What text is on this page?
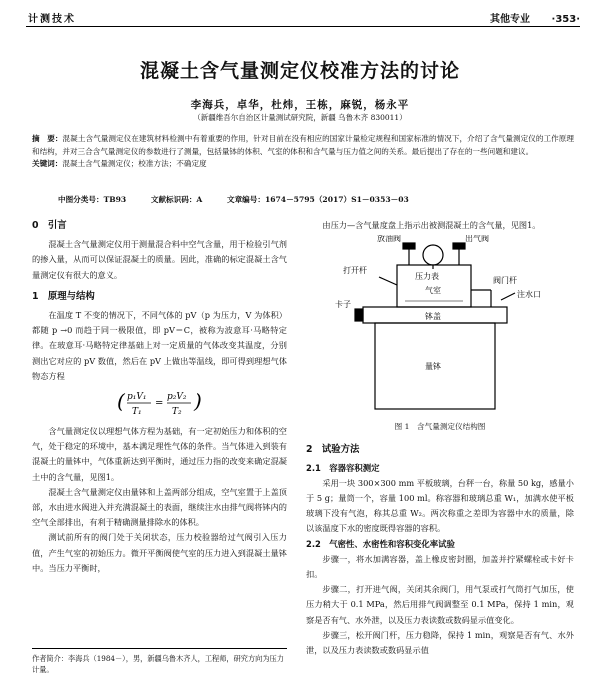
计测技术	其他专业 ·353·
混凝土含气量测定仪校准方法的讨论
李海兵，卓华，杜炜，王栋，麻锐，杨永平
（新疆维吾尔自治区计量测试研究院，新疆 乌鲁木齐 830011）
摘　要：混凝土含气量测定仪在建筑材料检测中有着重要的作用，针对目前在没有相应的国家计量检定规程和国家标准的情况下，介绍了含气量测定仪的工作原理和结构，并对三合含气量测定仪的参数进行了测量，包括量钵的体积、气室的体积和含气量与压力值之间的关系。最后提出了存在的一些问题和建议。
关键词：混凝土含气量测定仪；校准方法；不确定度
中图分类号：TB93	文献标识码：A	文章编号：1674－5795（2017）S1－0353－03
0　引言

混凝土含气量测定仪用于测量混合料中空气含量，用于检验引气剂的掺入量，从而可以保证混凝土的质量。因此，准确的标定混凝土含气量测定仪有很大的意义。

1　原理与结构

在温度 T 不变的情况下，不同气体的 pV（p 为压力，V 为体积）都随 p →0 而趋于同一极限值，即 pV＝C，被称为波意耳·马略特定律。在玻意耳·马略特定律基础上对一定质量的气体改变其温度，分别测出它对应的 pV 数值，然后在 pV 上做出等温线，即可得到理想气体物态方程

( p₁V₁
T₁
=
p₂V₂
T₂ )

含气量测定仪以理想气体方程为基础，有一定初始压力和体积的空气，处于稳定的环境中，基本满足理性气体的条件。当气体进入到装有混凝土的量钵中，气体重新达到平衡时，通过压力指的改变来确定混凝土中的含气量，见图1。

混凝土含气量测定仪由量钵和上盖两部分组成，空气室置于上盖顶部，水由进水阀进入并充满混凝土的表面，继续注水由排气阀将钵内的空气全部排出，有利于精确测量排除水的体积。

测试前所有的阀门处于关闭状态，压力校验器给过气阀引入压力值，产生气室的初始压力。微开平衡阀使气室的压力进入到混凝土量钵中。当压力平衡时，

作者简介：李海兵（1984－），男，新疆乌鲁木齐人，工程师，研究方向为压力计量。

由压力—含气量度盘上指示出被测混凝土的含气量，见图1。

放油阀
压力表
出气阀
打开杆
阀门杆
注水口
卡子
气室
钵盖
量钵
图 1　含气量测定仪结构图
2　试验方法
2.1　容器容积测定

采用一块 300×300 mm 平板玻璃，台秤一台，称量 50 kg，感量小于 5 g；量筒一个，容量 100 ml。称容器和玻璃总重 W₁，加满水使平板玻璃下没有气泡，称其总重 W₂。两次称重之差即为容器中水的质量，除以该温度下水的密度既得容器的容积。

2.2　气密性、水密性和容积变化率试验

步骤一，将水加满容器，盖上橡皮密封圈，加盖并拧紧螺栓或卡好卡扣。

步骤二，打开进气阀，关闭其余阀门，用气泵或打气筒打气加压，使压力稍大于 0.1 MPa，然后用排气阀调整至 0.1 MPa，保持 1 min，观察是否有气、水外泄，以及压力表读数或数码显示值变化。

步骤三，松开阀门杆，压力稳降，保持 1 min，观察是否有气、水外泄，以及压力表读数或数码显示值
